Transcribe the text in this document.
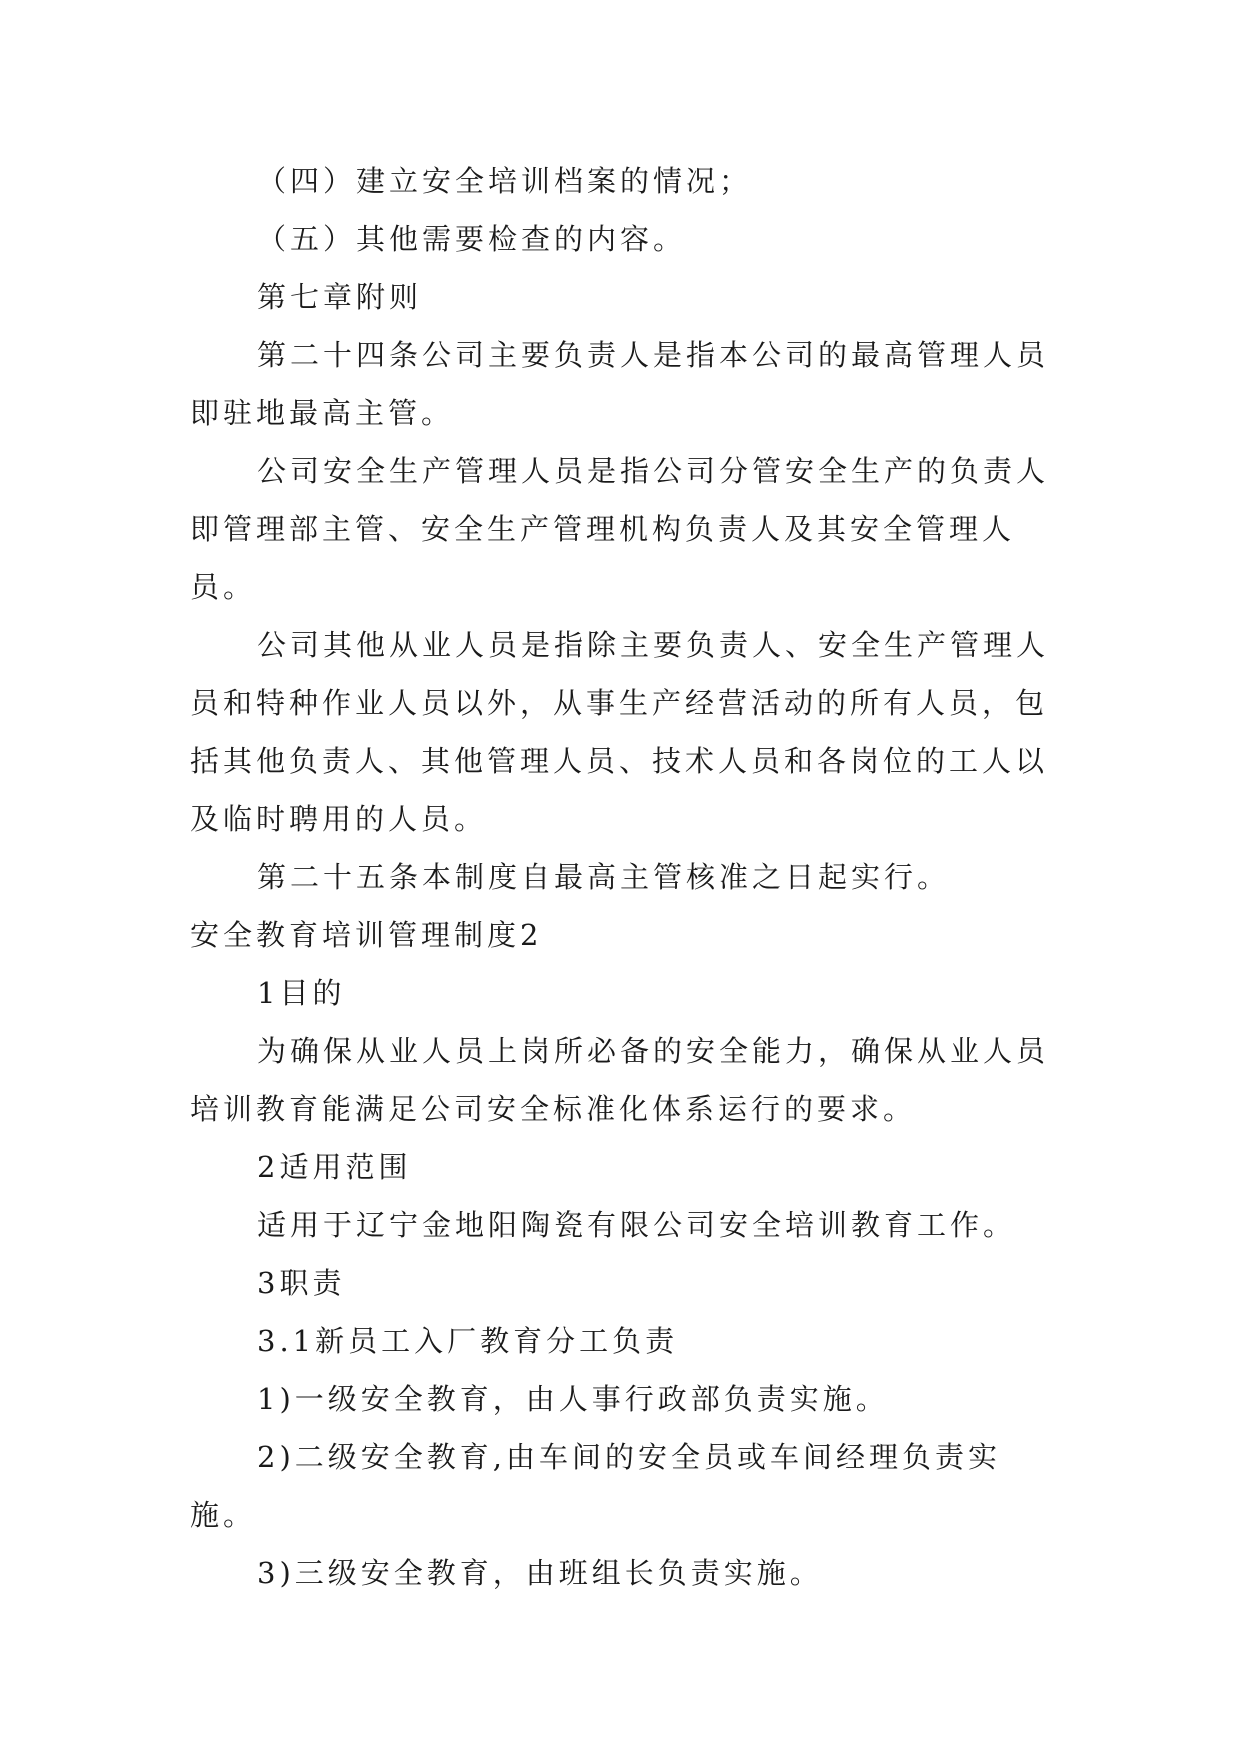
（四）建立安全培训档案的情况；

（五）其他需要检查的内容。

第七章附则

第二十四条公司主要负责人是指本公司的最高管理人员即驻地最高主管。

公司安全生产管理人员是指公司分管安全生产的负责人即管理部主管、安全生产管理机构负责人及其安全管理人员。

公司其他从业人员是指除主要负责人、安全生产管理人员和特种作业人员以外，从事生产经营活动的所有人员，包括其他负责人、其他管理人员、技术人员和各岗位的工人以及临时聘用的人员。

第二十五条本制度自最高主管核准之日起实行。

安全教育培训管理制度2

1目的

为确保从业人员上岗所必备的安全能力，确保从业人员培训教育能满足公司安全标准化体系运行的要求。

2适用范围

适用于辽宁金地阳陶瓷有限公司安全培训教育工作。

3职责

3.1新员工入厂教育分工负责

1)一级安全教育，由人事行政部负责实施。

2)二级安全教育,由车间的安全员或车间经理负责实施。

3)三级安全教育，由班组长负责实施。
